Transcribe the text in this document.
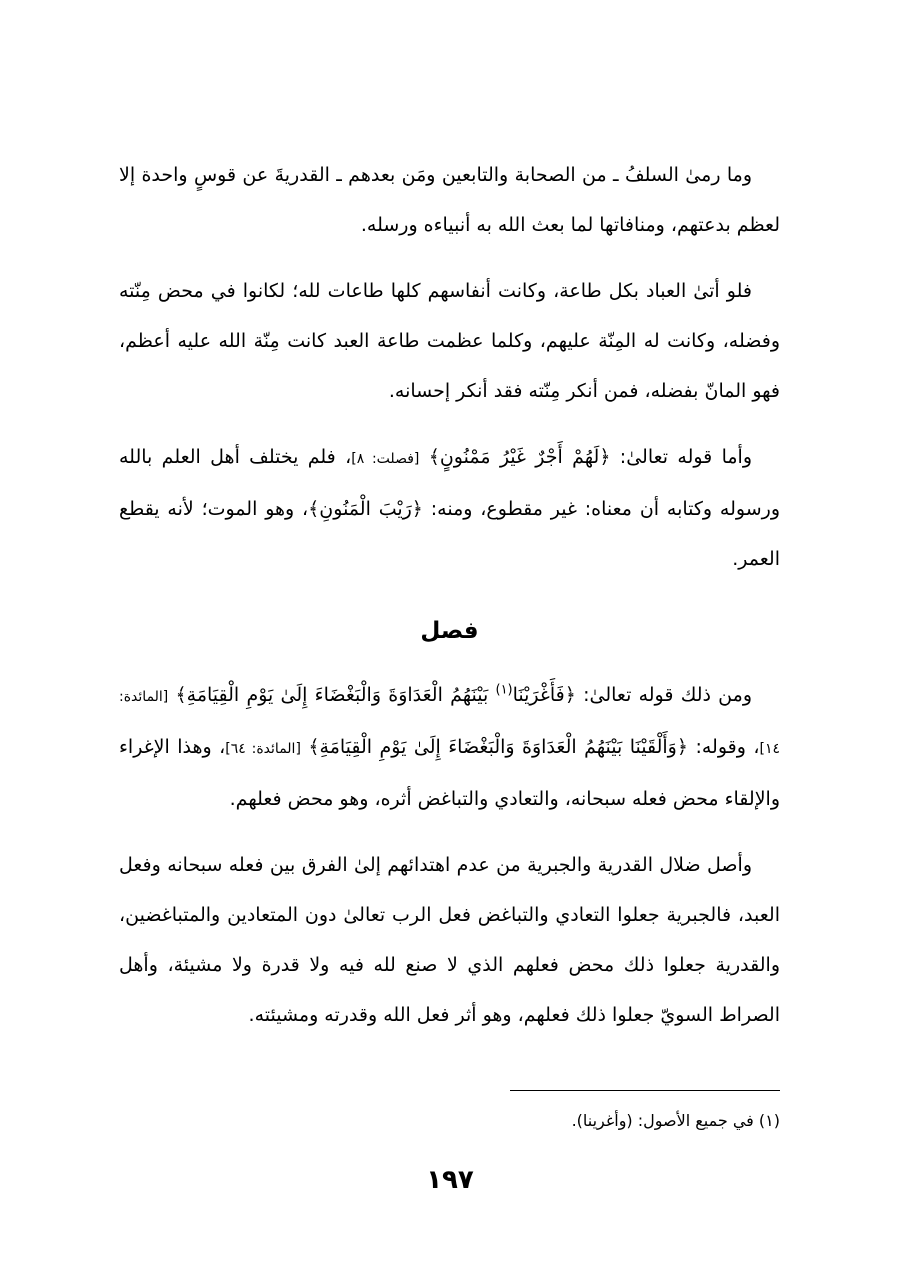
وما رمىٰ السلفُ ـ من الصحابة والتابعين ومَن بعدهم ـ القدريةَ عن قوسٍ واحدة إلا لعظم بدعتهم، ومنافاتها لما بعث الله به أنبياءه ورسله.

فلو أتىٰ العباد بكل طاعة، وكانت أنفاسهم كلها طاعات لله؛ لكانوا في محض مِنّته وفضله، وكانت له المِنّة عليهم، وكلما عظمت طاعة العبد كانت مِنّة الله عليه أعظم، فهو المانّ بفضله، فمن أنكر مِنّته فقد أنكر إحسانه.

وأما قوله تعالىٰ: ﴿لَهُمْ أَجْرٌ غَيْرُ مَمْنُونٍ﴾ [فصلت: ٨]، فلم يختلف أهل العلم بالله ورسوله وكتابه أن معناه: غير مقطوع، ومنه: ﴿رَيْبَ الْمَنُونِ﴾، وهو الموت؛ لأنه يقطع العمر.

فصل

ومن ذلك قوله تعالىٰ: ﴿فَأَغْرَيْنَا$^{(١)}$ بَيْنَهُمُ الْعَدَاوَةَ وَالْبَغْضَاءَ إِلَىٰ يَوْمِ الْقِيَامَةِ﴾ [المائدة: ١٤]، وقوله: ﴿وَأَلْقَيْنَا بَيْنَهُمُ الْعَدَاوَةَ وَالْبَغْضَاءَ إِلَىٰ يَوْمِ الْقِيَامَةِ﴾ [المائدة: ٦٤]، وهذا الإغراء والإلقاء محض فعله سبحانه، والتعادي والتباغض أثره، وهو محض فعلهم.

وأصل ضلال القدرية والجبرية من عدم اهتدائهم إلىٰ الفرق بين فعله سبحانه وفعل العبد، فالجبرية جعلوا التعادي والتباغض فعل الرب تعالىٰ دون المتعادين والمتباغضين، والقدرية جعلوا ذلك محض فعلهم الذي لا صنع لله فيه ولا قدرة ولا مشيئة، وأهل الصراط السويّ جعلوا ذلك فعلهم، وهو أثر فعل الله وقدرته ومشيئته.

(١) في جميع الأصول: (وأغرينا).
١٩٧
